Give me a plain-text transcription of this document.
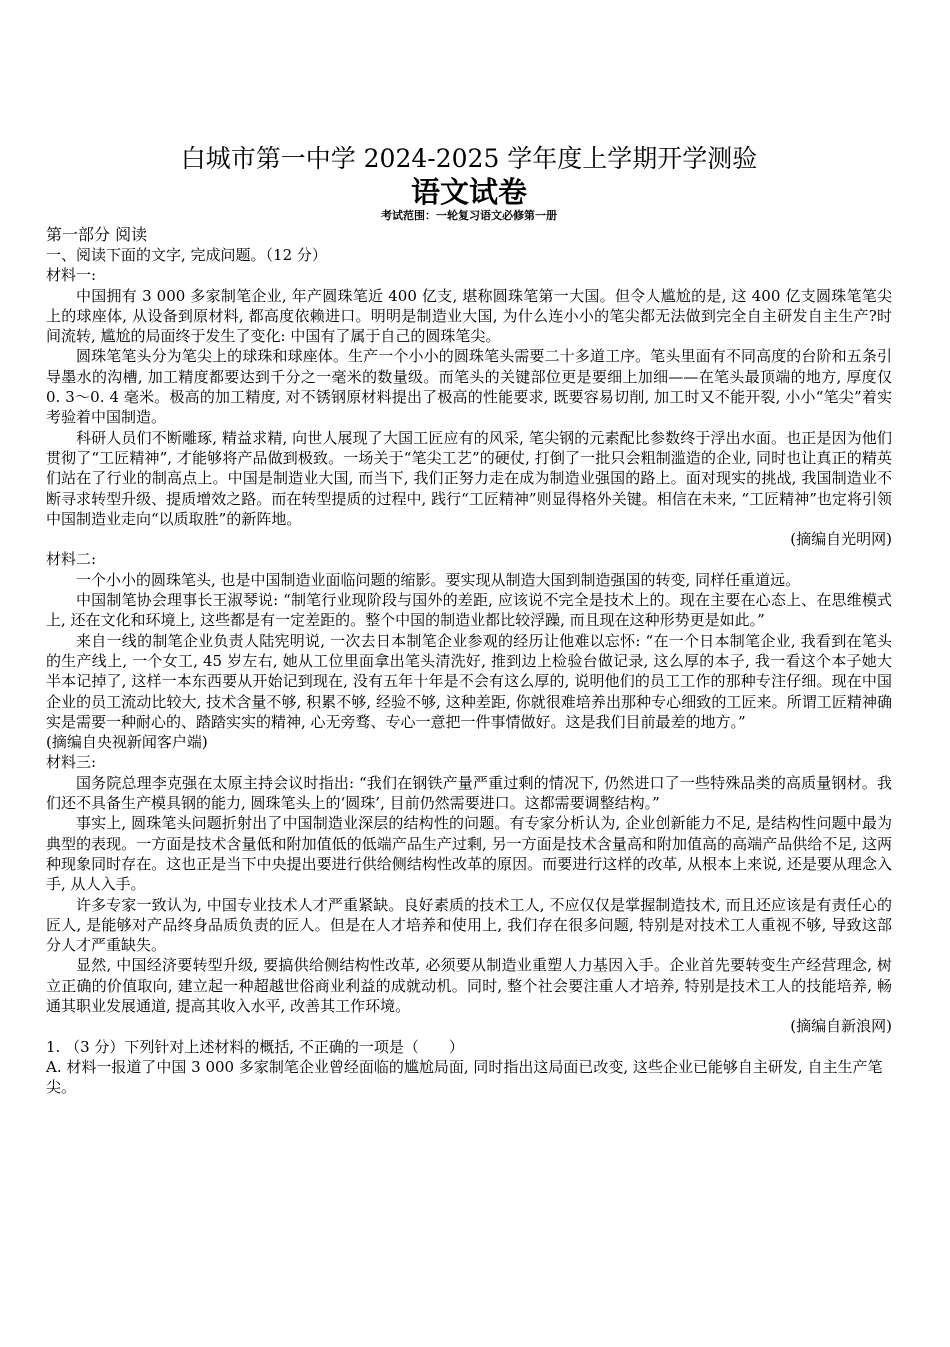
白城市第一中学 2024-2025 学年度上学期开学测验
语文试卷

考试范围：一轮复习语文必修第一册

第一部分 阅读

一、阅读下面的文字, 完成问题。（12 分）

材料一:

中国拥有 3 000 多家制笔企业, 年产圆珠笔近 400 亿支, 堪称圆珠笔第一大国。但令人尴尬的是, 这 400 亿支圆珠笔笔尖上的球座体, 从设备到原材料, 都高度依赖进口。明明是制造业大国, 为什么连小小的笔尖都无法做到完全自主研发自主生产?时间流转, 尴尬的局面终于发生了变化: 中国有了属于自己的圆珠笔尖。

圆珠笔笔头分为笔尖上的球珠和球座体。生产一个小小的圆珠笔头需要二十多道工序。笔头里面有不同高度的台阶和五条引导墨水的沟槽, 加工精度都要达到千分之一毫米的数量级。而笔头的关键部位更是要细上加细——在笔头最顶端的地方, 厚度仅 0. 3～0. 4 毫米。极高的加工精度, 对不锈钢原材料提出了极高的性能要求, 既要容易切削, 加工时又不能开裂, 小小“笔尖”着实考验着中国制造。

科研人员们不断雕琢, 精益求精, 向世人展现了大国工匠应有的风采, 笔尖钢的元素配比参数终于浮出水面。也正是因为他们贯彻了“工匠精神”, 才能够将产品做到极致。一场关于“笔尖工艺”的硬仗, 打倒了一批只会粗制滥造的企业, 同时也让真正的精英们站在了行业的制高点上。中国是制造业大国, 而当下, 我们正努力走在成为制造业强国的路上。面对现实的挑战, 我国制造业不断寻求转型升级、提质增效之路。而在转型提质的过程中, 践行“工匠精神”则显得格外关键。相信在未来, “工匠精神”也定将引领中国制造业走向“以质取胜”的新阵地。

(摘编自光明网)

材料二:

一个小小的圆珠笔头, 也是中国制造业面临问题的缩影。要实现从制造大国到制造强国的转变, 同样任重道远。

中国制笔协会理事长王淑琴说: “制笔行业现阶段与国外的差距, 应该说不完全是技术上的。现在主要在心态上、在思维模式上, 还在文化和环境上, 这些都是有一定差距的。整个中国的制造业都比较浮躁, 而且现在这种形势更是如此。”

来自一线的制笔企业负责人陆宪明说, 一次去日本制笔企业参观的经历让他难以忘怀: “在一个日本制笔企业, 我看到在笔头的生产线上, 一个女工, 45 岁左右, 她从工位里面拿出笔头清洗好, 推到边上检验台做记录, 这么厚的本子, 我一看这个本子她大半本记掉了, 这样一本东西要从开始记到现在, 没有五年十年是不会有这么厚的, 说明他们的员工工作的那种专注仔细。现在中国企业的员工流动比较大, 技术含量不够, 积累不够, 经验不够, 这种差距, 你就很难培养出那种专心细致的工匠来。所谓工匠精神确实是需要一种耐心的、踏踏实实的精神, 心无旁骛、专心一意把一件事情做好。这是我们目前最差的地方。”

(摘编自央视新闻客户端)

材料三:

国务院总理李克强在太原主持会议时指出: “我们在钢铁产量严重过剩的情况下, 仍然进口了一些特殊品类的高质量钢材。我们还不具备生产模具钢的能力, 圆珠笔头上的‘圆珠’, 目前仍然需要进口。这都需要调整结构。”

事实上, 圆珠笔头问题折射出了中国制造业深层的结构性的问题。有专家分析认为, 企业创新能力不足, 是结构性问题中最为典型的表现。一方面是技术含量低和附加值低的低端产品生产过剩, 另一方面是技术含量高和附加值高的高端产品供给不足, 这两种现象同时存在。这也正是当下中央提出要进行供给侧结构性改革的原因。而要进行这样的改革, 从根本上来说, 还是要从理念入手, 从人入手。

许多专家一致认为, 中国专业技术人才严重紧缺。良好素质的技术工人, 不应仅仅是掌握制造技术, 而且还应该是有责任心的匠人, 是能够对产品终身品质负责的匠人。但是在人才培养和使用上, 我们存在很多问题, 特别是对技术工人重视不够, 导致这部分人才严重缺失。

显然, 中国经济要转型升级, 要搞供给侧结构性改革, 必须要从制造业重塑人力基因入手。企业首先要转变生产经营理念, 树立正确的价值取向, 建立起一种超越世俗商业利益的成就动机。同时, 整个社会要注重人才培养, 特别是技术工人的技能培养, 畅通其职业发展通道, 提高其收入水平, 改善其工作环境。

(摘编自新浪网)

1. （3 分）下列针对上述材料的概括, 不正确的一项是（　　）

A. 材料一报道了中国 3 000 多家制笔企业曾经面临的尴尬局面, 同时指出这局面已改变, 这些企业已能够自主研发, 自主生产笔尖。
